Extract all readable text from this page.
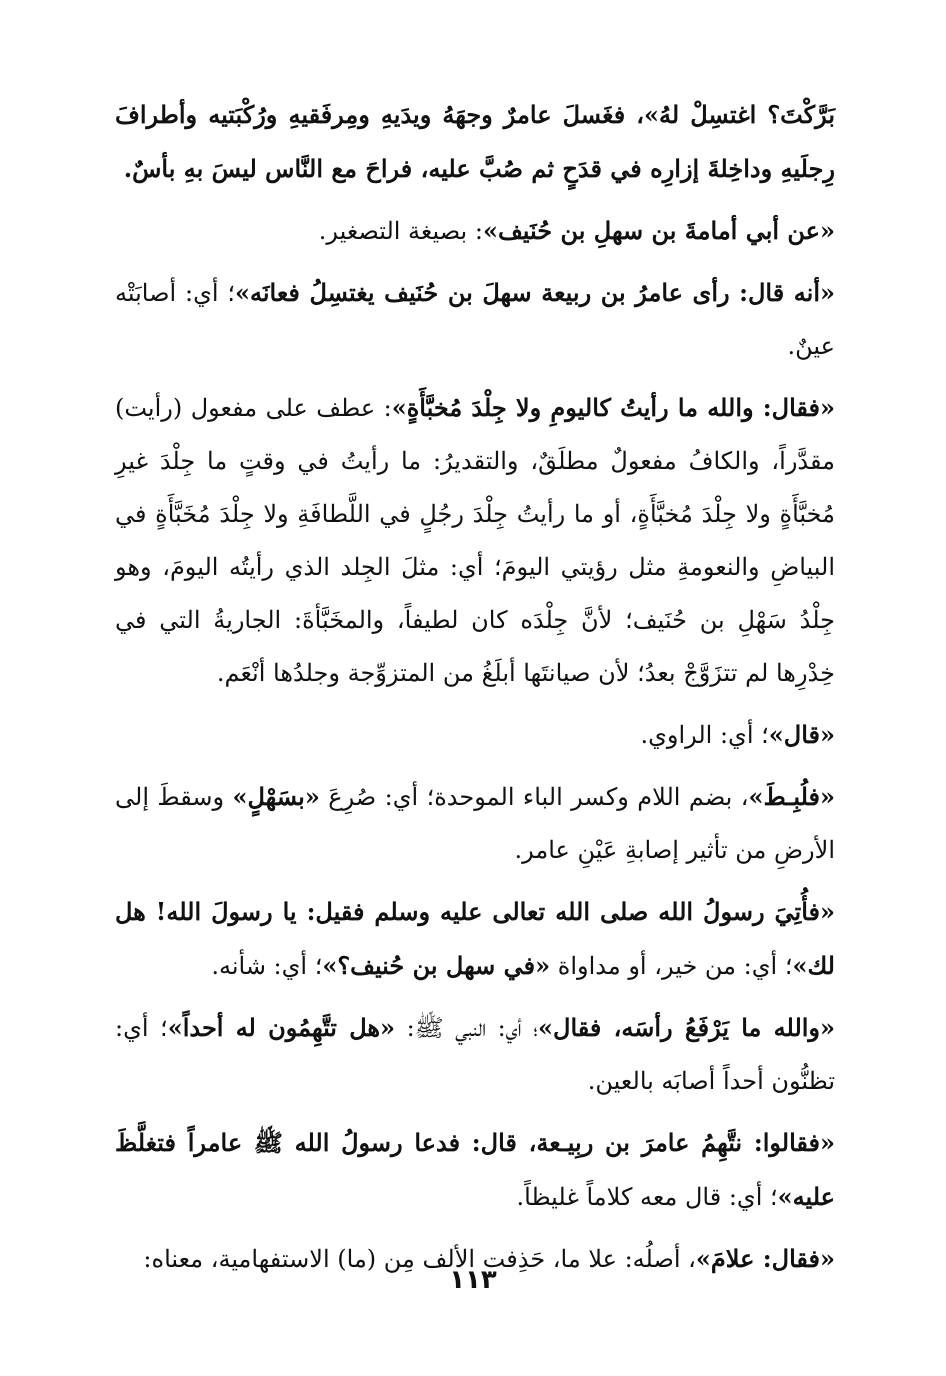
بَرَّكْتَ؟ اغتسِلْ لهُ»، فغَسلَ عامرٌ وجهَهُ ويدَيهِ ومِرفَقيهِ ورُكْبَتيه وأطرافَ رِجلَيهِ وداخِلةَ إزارِه في قدَحٍ ثم صُبَّ عليه، فراحَ مع النَّاس ليسَ بهِ بأسٌ.

«عن أبي أمامةَ بن سهلِ بن حُنَيف»: بصيغة التصغير.

«أنه قال: رأى عامرُ بن ربيعة سهلَ بن حُنَيف يغتسِلُ فعانَه»؛ أي: أصابَتْه عينٌ.

«فقال: والله ما رأيتُ كاليومِ ولا جِلْدَ مُخبَّأَةٍ»: عطف على مفعول (رأيت) مقدَّراً، والكافُ مفعولٌ مطلَقٌ، والتقديرُ: ما رأيتُ في وقتٍ ما جِلْدَ غيرِ مُخبَّأَةٍ ولا جِلْدَ مُخبَّأَةٍ، أو ما رأيتُ جِلْدَ رجُلٍ في اللَّطافَةِ ولا جِلْدَ مُخَبَّأَةٍ في البياضِ والنعومةِ مثل رؤيتي اليومَ؛ أي: مثلَ الجِلد الذي رأيتُه اليومَ، وهو جِلْدُ سَهْلِ بن حُنَيف؛ لأنَّ جِلْدَه كان لطيفاً، والمخَبَّأةَ: الجاريةُ التي في خِدْرِها لم تتزَوَّجْ بعدُ؛ لأن صيانتَها أبلَغُ من المتزوِّجة وجلدُها أنْعَم.

«قال»؛ أي: الراوي.

«فلُبِـطَ»، بضم اللام وكسر الباء الموحدة؛ أي: صُرِعَ «بسَهْلٍ» وسقطَ إلى الأرضِ من تأثير إصابةِ عَيْنِ عامر.

«فأُتِيَ رسولُ الله صلى الله تعالى عليه وسلم فقيل: يا رسولَ الله! هل لك»؛ أي: من خير، أو مداواة «في سهل بن حُنيف؟»؛ أي: شأنه.

«والله ما يَرْفَعُ رأسَه، فقال»؛ أي: النبي ﷺ: «هل تتَّهِمُون له أحداً»؛ أي: تظنُّون أحداً أصابَه بالعين.

«فقالوا: نتَّهِمُ عامرَ بن ربِيـعة، قال: فدعا رسولُ الله ﷺ عامراً فتغلَّظَ عليه»؛ أي: قال معه كلاماً غليظاً.

«فقال: علامَ»، أصلُه: علا ما، حَذِفت الألف مِن (ما) الاستفهامية، معناه:

١١٣
